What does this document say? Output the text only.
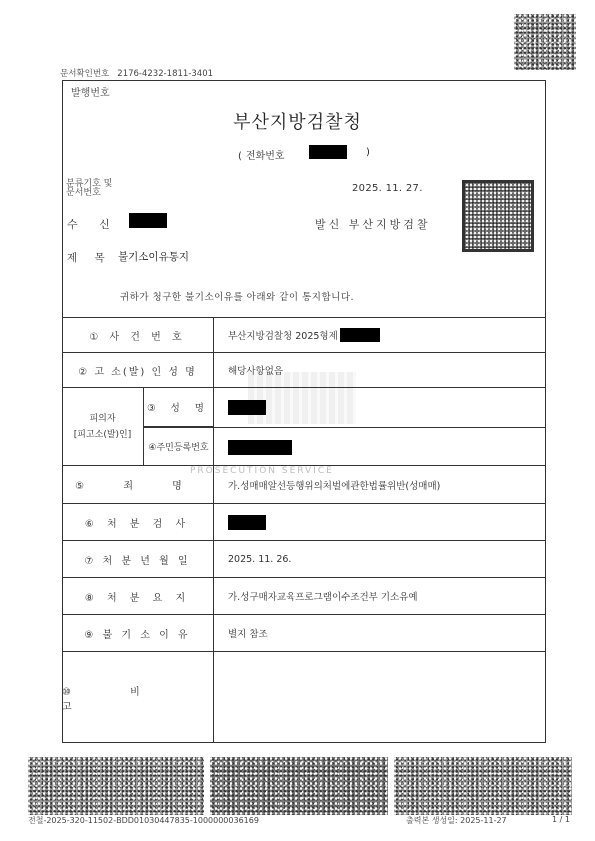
문서확인번호 2176-4232-1811-3401
발행번호
부산지방검찰청
( 전화번호	)
분류기호 및
문서번호	2025. 11. 27.
수 신	발신 부산지방검찰
제 목 불기소이유통지
귀하가 청구한 불기소이유를 아래와 같이 통지합니다.
PROSECUTION SERVICE
① 사 건 번 호	부산지방검찰청 2025형제
② 고 소(발) 인 성 명	해당사항없음
피의자
[피고소(발)인]
③ 성 명
④주민등록번호
⑤ 죄 명	가.성매매알선등행위의처벌에관한법률위반(성매매)
⑥ 처 분 검 사
⑦ 처 분 년 월 일	2025. 11. 26.
⑧ 처 분 요 지	가.성구매자교육프로그램이수조건부 기소유예
⑨ 불 기 소 이 유	별지 참조
⑩ 비 고
전철-2025-320-11502-BDD01030447835-1000000036169	출력본 생성일: 2025-11-27	1 / 1
